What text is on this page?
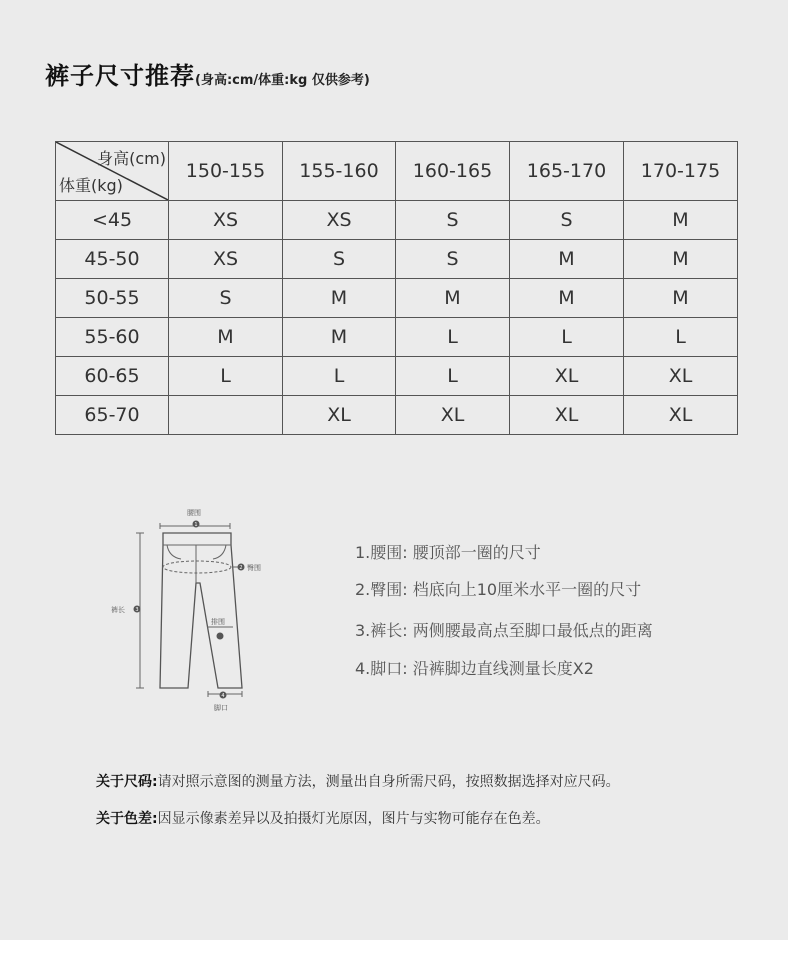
裤子尺寸推荐(身高:cm/体重:kg 仅供参考)
身高(cm)
体重(kg)	150-155	155-160	160-165	165-170	170-175
<45	XS	XS	S	S	M
45-50	XS	S	S	M	M
50-55	S	M	M	M	M
55-60	M	M	L	L	L
60-65	L	L	L	XL	XL
65-70		XL	XL	XL	XL
1
2
3
4
腰围
臀围
裤长
排围
脚口
1.腰围: 腰顶部一圈的尺寸
2.臀围: 档底向上10厘米水平一圈的尺寸
3.裤长: 两侧腰最高点至脚口最低点的距离
4.脚口: 沿裤脚边直线测量长度X2
关于尺码:请对照示意图的测量方法，测量出自身所需尺码，按照数据选择对应尺码。
关于色差:因显示像素差异以及拍摄灯光原因，图片与实物可能存在色差。
